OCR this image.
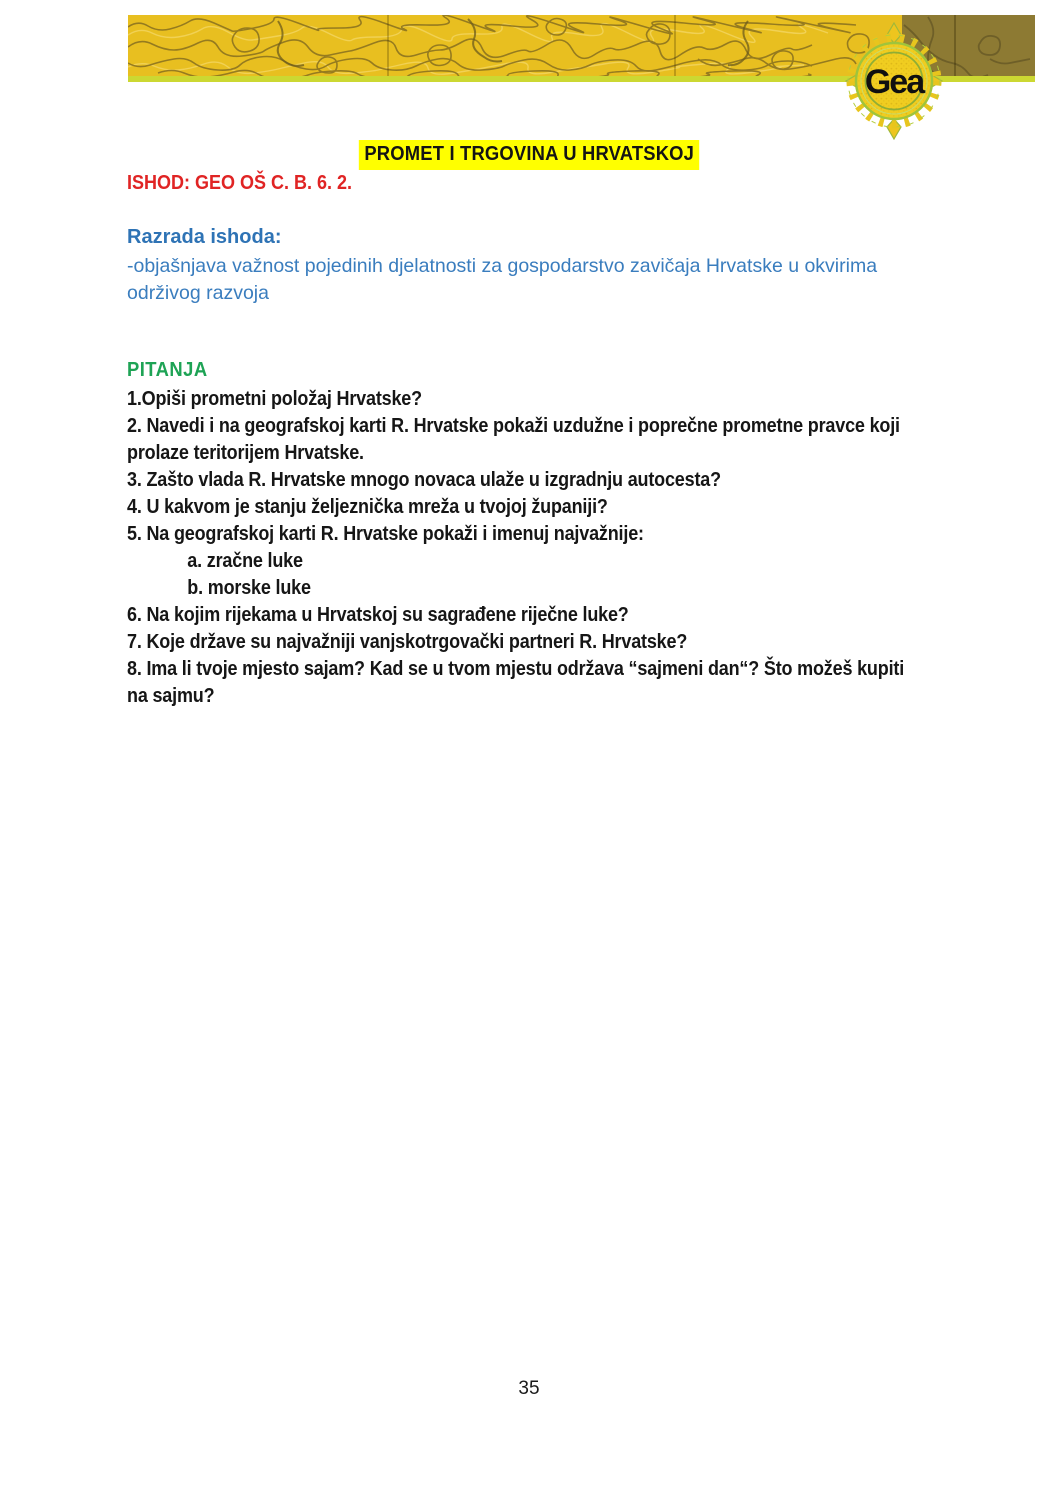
Gea
PROMET I TRGOVINA U HRVATSKOJ
ISHOD: GEO OŠ C. B. 6. 2.
Razrada ishoda:
-objašnjava važnost pojedinih djelatnosti za gospodarstvo zavičaja Hrvatske u okvirima održivog razvoja
PITANJA
1.Opiši prometni položaj Hrvatske?
2. Navedi i na geografskoj karti R. Hrvatske pokaži uzdužne i poprečne prometne pravce koji prolaze teritorijem Hrvatske.
3. Zašto vlada R. Hrvatske mnogo novaca ulaže u izgradnju autocesta?
4. U kakvom je stanju željeznička mreža u tvojoj županiji?
5. Na geografskoj karti R. Hrvatske pokaži i imenuj najvažnije:
a. zračne luke
b. morske luke
6. Na kojim rijekama u Hrvatskoj su sagrađene riječne luke?
7. Koje države su najvažniji vanjskotrgovački partneri R. Hrvatske?
8. Ima li tvoje mjesto sajam? Kad se u tvom mjestu održava “sajmeni dan“? Što možeš kupiti na sajmu?
35
